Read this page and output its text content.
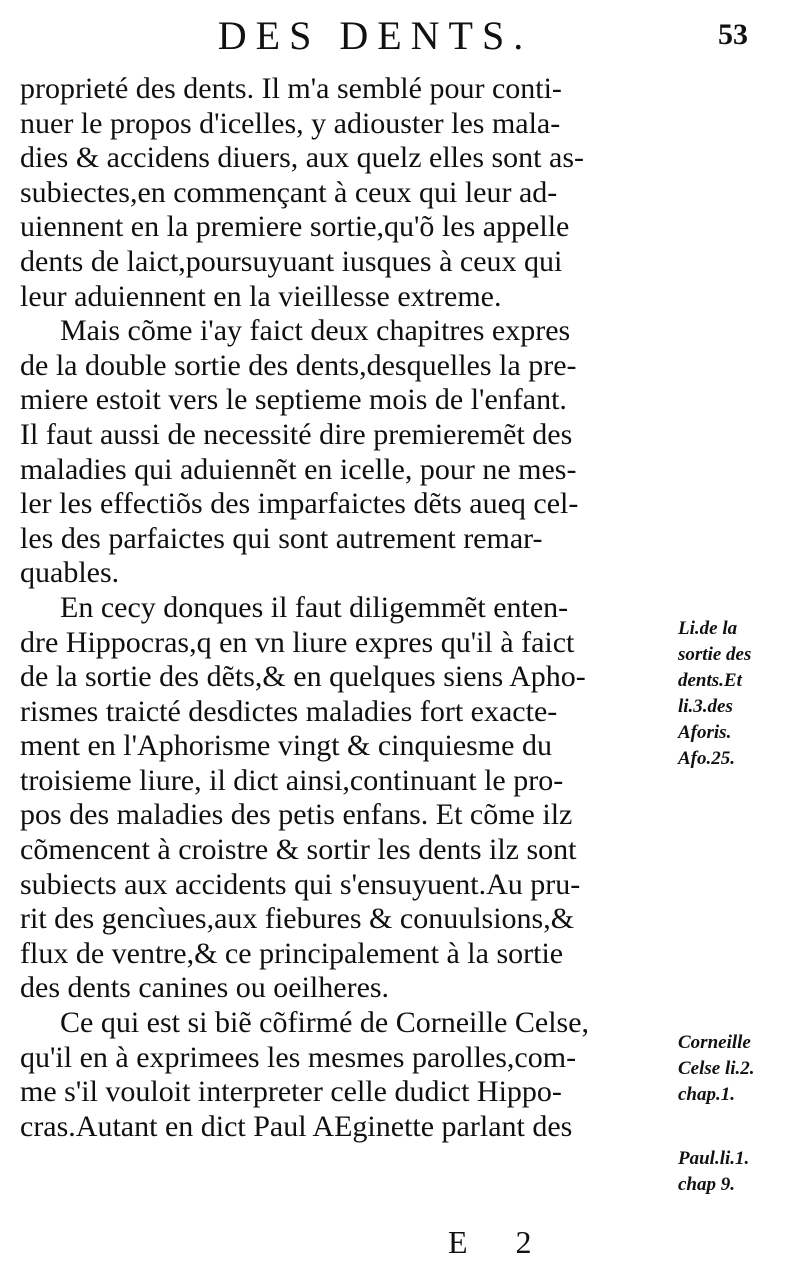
DES DENTS.	53
proprieté des dents. Il m'a semblé pour conti-
nuer le propos d'icelles, y adiouster les mala-
dies & accidens diuers, aux quelz elles sont as-
subiectes,en commençant à ceux qui leur ad-
uiennent en la premiere sortie,qu'õ les appelle
dents de laict,poursuyuant iusques à ceux qui
leur aduiennent en la vieillesse extreme.
Mais cõme i'ay faict deux chapitres expres
de la double sortie des dents,desquelles la pre-
miere estoit vers le septieme mois de l'enfant.
Il faut aussi de necessité dire premieremẽt des
maladies qui aduiennẽt en icelle, pour ne mes-
ler les effectiõs des imparfaictes dẽts aueq cel-
les des parfaictes qui sont autrement remar-
quables.
En cecy donques il faut diligemmẽt enten-
dre Hippocras,q en vn liure expres qu'il à faict
de la sortie des dẽts,& en quelques siens Apho-
rismes traicté desdictes maladies fort exacte-
ment en l'Aphorisme vingt & cinquiesme du
troisieme liure, il dict ainsi,continuant le pro-
pos des maladies des petis enfans. Et cõme ilz
cõmencent à croistre & sortir les dents ilz sont
subiects aux accidents qui s'ensuyuent.Au pru-
rit des gencìues,aux fiebures & conuulsions,&
flux de ventre,& ce principalement à la sortie
des dents canines ou oeilheres.
Ce qui est si biẽ cõfirmé de Corneille Celse,
qu'il en à exprimees les mesmes parolles,com-
me s'il vouloit interpreter celle dudict Hippo-
cras.Autant en dict Paul AEginette parlant des
Li.de la
sortie des
dents.Et
li.3.des
Aforis.
Afo.25.
Corneille
Celse li.2.
chap.1.
Paul.li.1.
chap 9.
E 2
